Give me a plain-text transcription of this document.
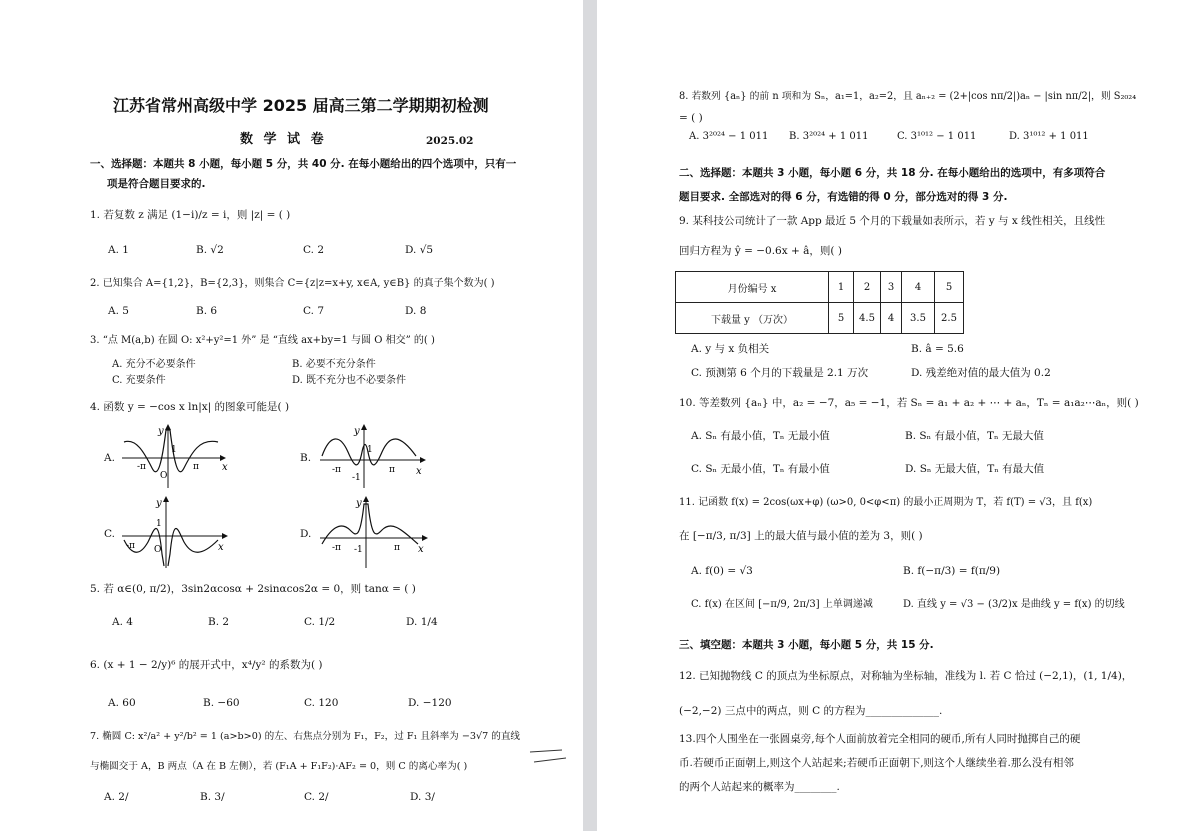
江苏省常州高级中学 2025 届高三第二学期期初检测
数 学 试 卷	2025.02
一、选择题：本题共 8 小题，每小题 5 分，共 40 分. 在每小题给出的四个选项中，只有一
项是符合题目要求的.
1. 若复数 z 满足 (1−i)/z = i，则 |z| = ( )
A. 1	B. √2	C. 2	D. √5
2. 已知集合 A={1,2}，B={2,3}，则集合 C={z|z=x+y, x∈A, y∈B} 的真子集个数为( )
A. 5	B. 6	C. 7	D. 8
3. “点 M(a,b) 在圆 O: x²+y²=1 外” 是 “直线 ax+by=1 与圆 O 相交” 的( )
A. 充分不必要条件	B. 必要不充分条件
C. 充要条件	D. 既不充分也不必要条件
4. 函数 y = −cos x ln|x| 的图象可能是( )
A.
y
x
1
-π	π
O
B.
y
x
1
-π	π
-1
C.
y
x
1
-π O
D.
y
x
-π	π
-1
5. 若 α∈(0, π/2)，3sin2αcosα + 2sinαcos2α = 0，则 tanα = ( )
A. 4	B. 2	C. 1/2	D. 1/4
6. (x + 1 − 2/y)⁶ 的展开式中，x⁴/y² 的系数为( )
A. 60	B. −60	C. 120	D. −120
7. 椭圆 C: x²/a² + y²/b² = 1 (a>b>0) 的左、右焦点分别为 F₁，F₂，过 F₁ 且斜率为 −3√7 的直线
与椭圆交于 A，B 两点（A 在 B 左侧），若 (F₁A + F₁F₂)·AF₂ = 0，则 C 的离心率为( )
A. 2/	B. 3/	C. 2/	D. 3/
8. 若数列 {aₙ} 的前 n 项和为 Sₙ，a₁=1，a₂=2，且 aₙ₊₂ = (2+|cos nπ/2|)aₙ − |sin nπ/2|，则 S₂₀₂₄
= ( )
A. 3²⁰²⁴ − 1 011 B. 3²⁰²⁴ + 1 011	C. 3¹⁰¹² − 1 011	D. 3¹⁰¹² + 1 011
二、选择题：本题共 3 小题，每小题 6 分，共 18 分. 在每小题给出的选项中，有多项符合
题目要求. 全部选对的得 6 分，有选错的得 0 分，部分选对的得 3 分.
9. 某科技公司统计了一款 App 最近 5 个月的下载量如表所示，若 y 与 x 线性相关，且线性
回归方程为 ŷ = −0.6x + â，则( )
月份编号 x	1	2	3	4	5
下载量 y （万次）	5	4.5	4	3.5	2.5
A. y 与 x 负相关	B. â = 5.6
C. 预测第 6 个月的下载量是 2.1 万次	D. 残差绝对值的最大值为 0.2
10. 等差数列 {aₙ} 中，a₂ = −7，a₅ = −1，若 Sₙ = a₁ + a₂ + ⋯ + aₙ，Tₙ = a₁a₂⋯aₙ，则( )
A. Sₙ 有最小值，Tₙ 无最小值	B. Sₙ 有最小值，Tₙ 无最大值
C. Sₙ 无最小值，Tₙ 有最小值	D. Sₙ 无最大值，Tₙ 有最大值
11. 记函数 f(x) = 2cos(ωx+φ) (ω>0, 0<φ<π) 的最小正周期为 T，若 f(T) = √3，且 f(x)
在 [−π/3, π/3] 上的最大值与最小值的差为 3，则( )
A. f(0) = √3	B. f(−π/3) = f(π/9)
C. f(x) 在区间 [−π/9, 2π/3] 上单调递减	D. 直线 y = √3 − (3/2)x 是曲线 y = f(x) 的切线
三、填空题：本题共 3 小题，每小题 5 分，共 15 分.
12. 已知抛物线 C 的顶点为坐标原点，对称轴为坐标轴，准线为 l. 若 C 恰过 (−2,1)，(1, 1/4)，
(−2,−2) 三点中的两点，则 C 的方程为______________.
13.四个人围坐在一张圆桌旁,每个人面前放着完全相同的硬币,所有人同时抛掷自己的硬
币.若硬币正面朝上,则这个人站起来;若硬币正面朝下,则这个人继续坐着.那么没有相邻
的两个人站起来的概率为________.
